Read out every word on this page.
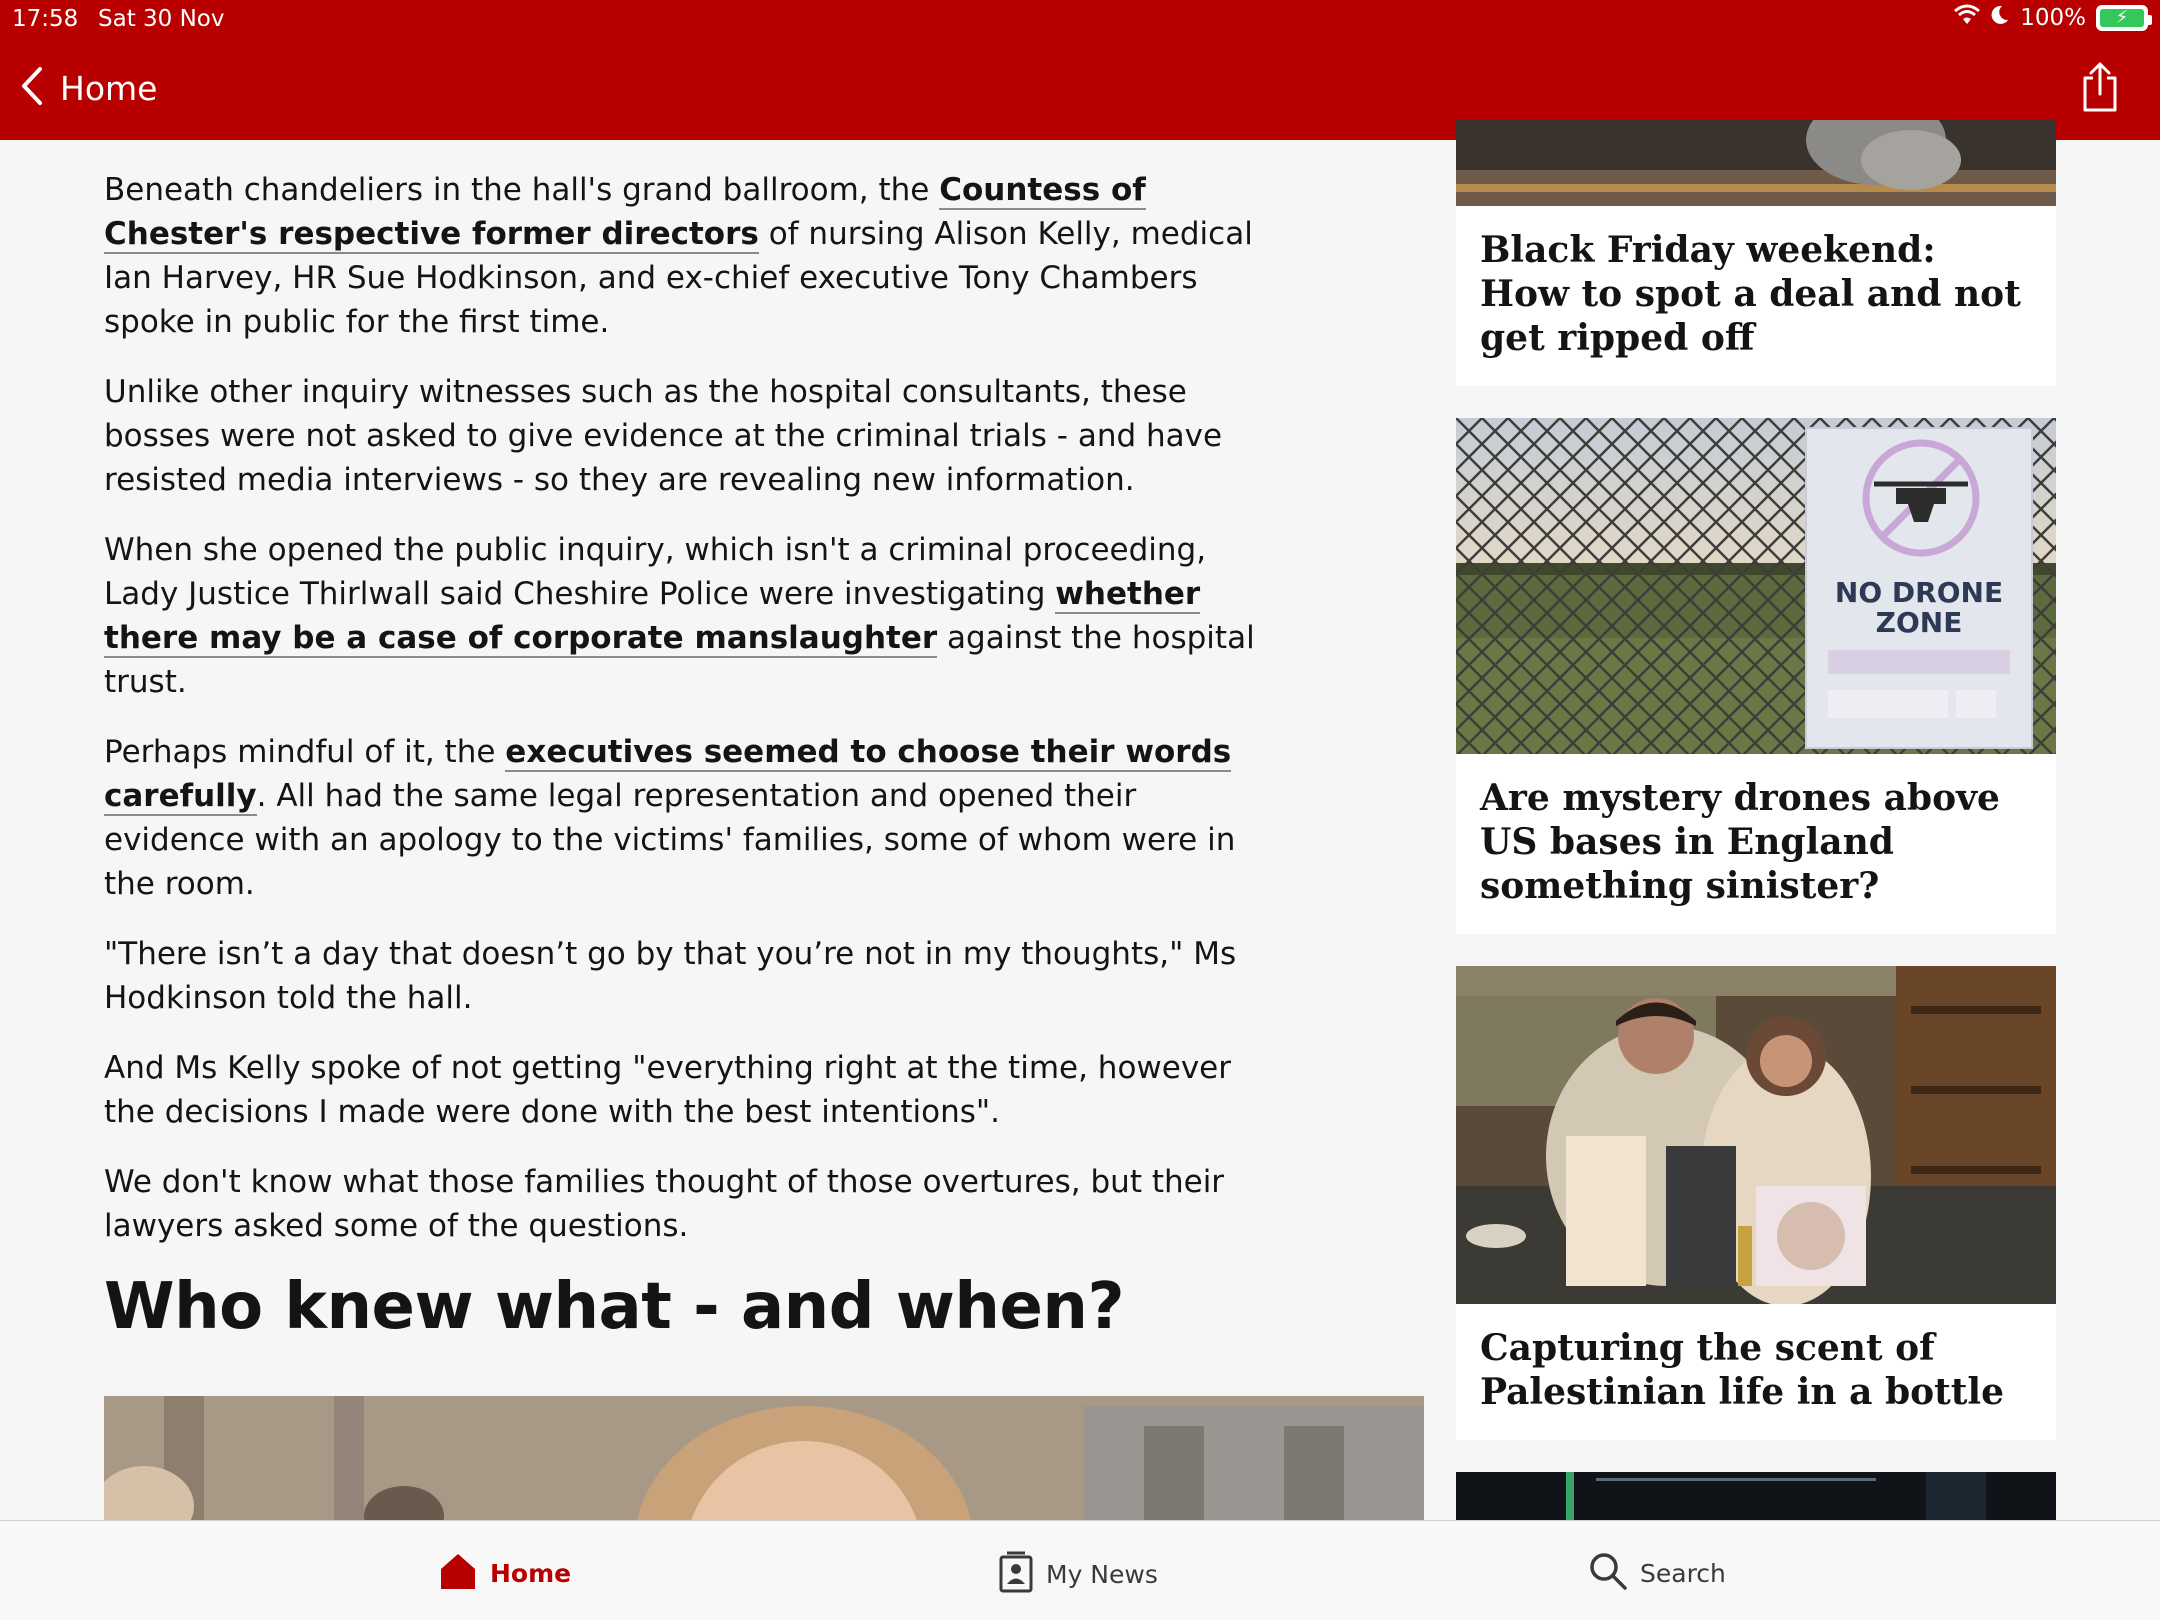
17:58 Sat 30 Nov	100% ⚡
Home

Beneath chandeliers in the hall's grand ballroom, the Countess of Chester's respective former directors of nursing Alison Kelly, medical Ian Harvey, HR Sue Hodkinson, and ex-chief executive Tony Chambers spoke in public for the first time.

Unlike other inquiry witnesses such as the hospital consultants, these bosses were not asked to give evidence at the criminal trials - and have resisted media interviews - so they are revealing new information.

When she opened the public inquiry, which isn't a criminal proceeding, Lady Justice Thirlwall said Cheshire Police were investigating whether there may be a case of corporate manslaughter against the hospital trust.

Perhaps mindful of it, the executives seemed to choose their words carefully. All had the same legal representation and opened their evidence with an apology to the victims' families, some of whom were in the room.

"There isn’t a day that doesn’t go by that you’re not in my thoughts," Ms Hodkinson told the hall.

And Ms Kelly spoke of not getting "everything right at the time, however the decisions I made were done with the best intentions".

We don't know what those families thought of those overtures, but their lawyers asked some of the questions.

Who knew what - and when?
Black Friday weekend: How to spot a deal and not get ripped off
NO DRONE
ZONE
Are mystery drones above US bases in England something sinister?
Capturing the scent of Palestinian life in a bottle
Home	My News	Search
